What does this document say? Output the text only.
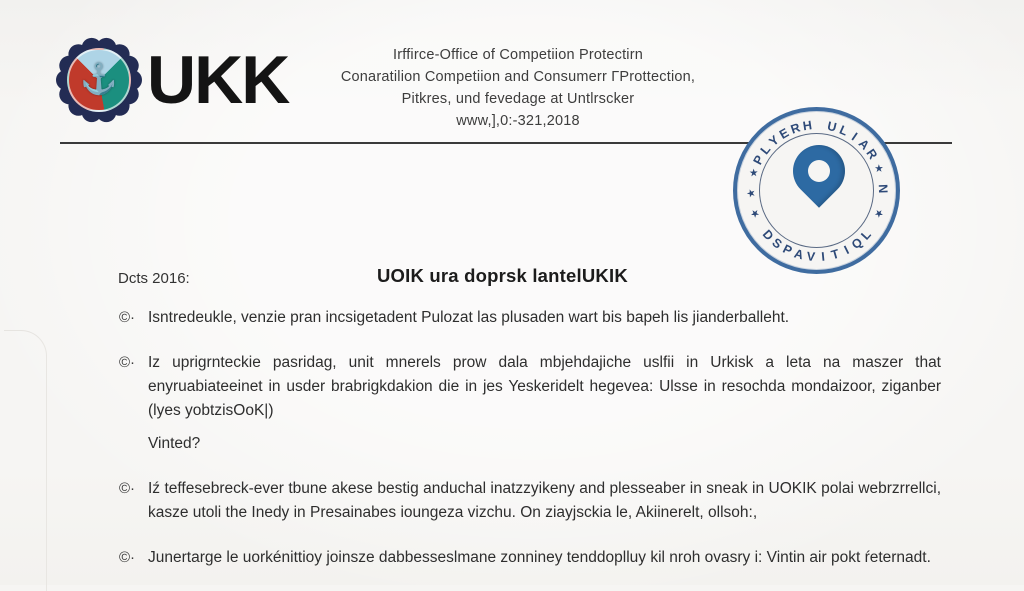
⚓ UKK	Irffirce-Office of Competiion Protectirn
Conaratilion Competiion and Consumerr ΓProttection,
Pitkres, und fevedage at Untlrscker
www,],0:-321,2018
P
L
Y
E
R H U L I
A
R
N
D
S
P
A V I T I
Q
L
★
★
★
★
★
Dcts 2016:	UOIK ura doprsk lantelUKIK
©· Isntredeukle, venzie pran incsigetadent Pulozat las plusaden wart bis bapeh lis jianderballeht.

©· Iz uprigrnteckie pasridag, unit mnerels prow dala mbjehdajiche uslfii in Urkisk a leta na maszer that enyruabiateeinet in usder brabrigkdakion die in jes Yeskeridelt hegevea: Ulsse in resochda mondaizoor, ziganber (lyes yobtzisOoK|)

Vinted?

©· Iź teffesebreck-ever tbune akese bestig anduchal inatzzyikeny and plesseaber in sneak in UOKIK polai webrzrrellci, kasze utoli the Inedy in Presainabes ioungeza vizchu. On ziayjsckia le, Akiinerelt, ollsoh:,

©· Junertarge le uorkénittioy joinsze dabbesseslmane zonniney tenddoplluy kil nroh ovasry i: Vintin air pokt ŕeternadt.
